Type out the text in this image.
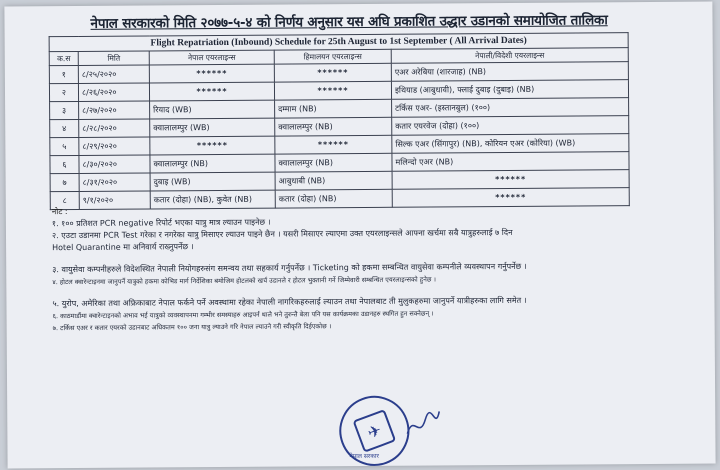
नेपाल सरकारको मिति २०७७-५-४ को निर्णय अनुसार यस अघि प्रकाशित उद्धार उडानको समायोजित तालिका
Flight Repatriation (Inbound) Schedule for 25th August to 1st September ( All Arrival Dates)				
क.स	मिति	नेपाल एयरलाइन्स	हिमालयन एयरलाइन्स	नेपाली/विदेशी एयरलाइन्स
१	८/२५/२०२०	******	******	एअर अरेबिया (शारजाह) (NB)
२	८/२६/२०२०	******	******	इथियाड (आबुधावी), फ्लाई दुबाइ (दुबाइ) (NB)
३	८/२७/२०२०	रियाद (WB)	दम्माम (NB)	टर्किस एअर- (इस्तानबुल) (१००)
४	८/२८/२०२०	क्वालालम्पुर (WB)	क्वालालम्पुर (NB)	कतार एयरवेज (दोहा) (१००)
५	८/२९/२०२०	******	******	सिल्क एअर (सिंगापुर) (NB), कोरियन एअर (कोरिया) (WB)
६	८/३०/२०२०	क्वालालम्पुर (NB)	क्वालालम्पुर (NB)	मलिन्दो एअर (NB)
७	८/३१/२०२०	दुबाइ (WB)	आबुधाबी (NB)	******
८	९/१/२०२०	कतार (दोहा) (NB), कुवेत (NB)	कतार (दोहा) (NB)	******
नोट :

१. १०० प्रतिशत PCR negative रिपोर्ट भएका यात्रु मात्र ल्याउन पाइनेछ ।

२. एउटा उडानमा PCR Test गरेका र नगरेका यात्रु मिसाएर ल्याउन पाइने छैन । यसरी मिसाएर ल्याएमा उक्त एयरलाइन्सले आफ्ना खर्चमा सबै यात्रुहरुलाई ७ दिन

Hotel Quarantine मा अनिवार्य राख्नुपर्नेछ ।

३. वायुसेवा कम्पनीहरुले विदेशस्थित नेपाली नियोगहरुसंग समन्वय तथा सहकार्य गर्नुपर्नेछ । Ticketing को हकमा सम्बन्धित वायुसेवा कम्पनीले व्यवस्थापन गर्नुपर्नेछ ।

४. होटल क्वारेन्टाइनमा जानुपर्ने यात्रुको हकमा कोभिड मार्ग निर्देशिका बमोजिम होटलको खर्च उडानले र होटल भुक्तानी गर्ने जिम्मेवारी सम्बन्धित एयरलाइन्सको हुनेछ ।

५. युरोप, अमेरिका तथा अफ्रिकाबाट नेपाल फर्कने पर्ने अवस्थामा रहेका नेपाली नागरिकहरुलाई ल्याउन तथा नेपालबाट ती मुलुकहरुमा जानुपर्ने यात्रीहरुका लागि समेत ।

६. काठमाडौंमा क्वारेन्टाइनको अभाव भई यात्रुको व्यवस्थापनमा गम्भीर समस्याहरु आइपर्न थाले भने तुरुन्तै बेला पनि यस कार्यक्रमका उडानहरु स्थगित हुन सक्नेछन् ।

७. टर्किस एअर र कतार एयरको उडानबाट अधिकतम १०० जना यात्रु ल्याउने गरि नेपाल ल्याउने गरी स्वीकृति दिईएकोछ ।

✈
नेपाल सरकार
